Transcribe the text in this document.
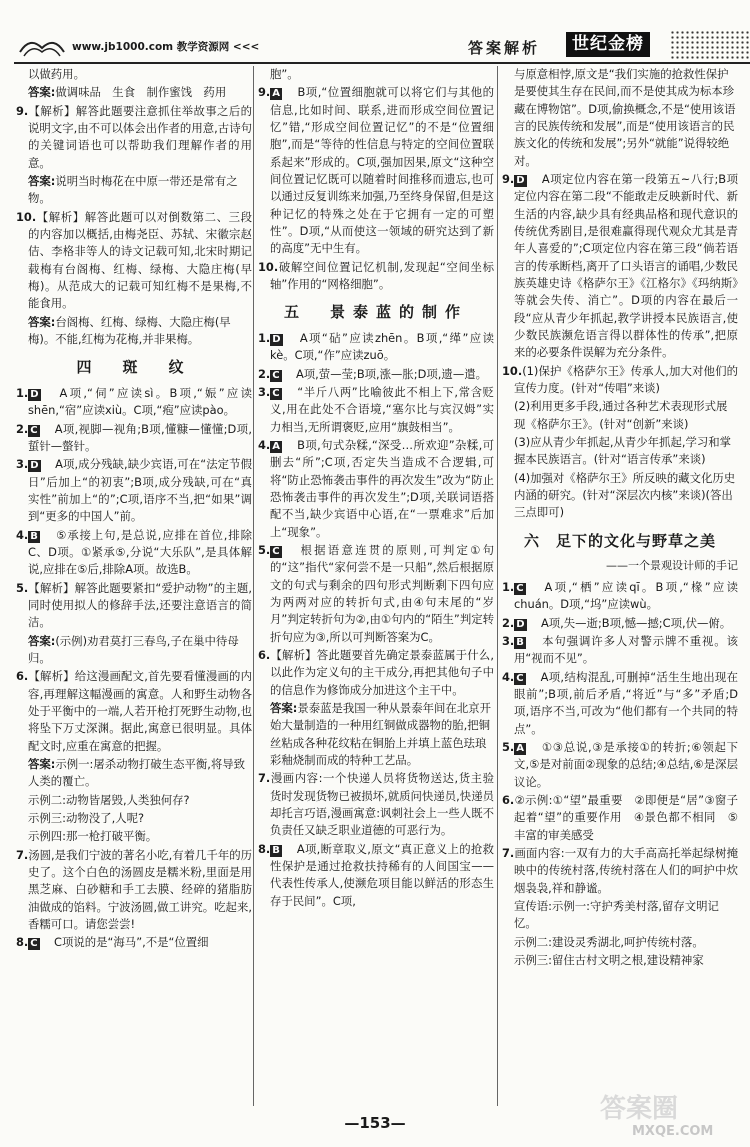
www.jb1000.com 教学资源网 <<<	答案解析	世纪金榜

以做药用。

答案:做调味品　生食　制作蜜饯　药用

9.【解析】解答此题要注意抓住举故事之后的说明文字,由不可以体会出作者的用意,古诗句的关键词语也可以帮助我们理解作者的用意。

答案:说明当时梅花在中原一带还是常有之物。

10.【解析】解答此题可以对倒数第二、三段的内容加以概括,由梅尧臣、苏轼、宋徽宗赵佶、李格非等人的诗文记载可知,北宋时期记载梅有台阁梅、红梅、绿梅、大隐庄梅(早梅)。从范成大的记载可知红梅不是果梅,不能食用。

答案:台阁梅、红梅、绿梅、大隐庄梅(早梅)。不能,红梅为花梅,并非果梅。

四　斑　纹

1. D　A项,“伺”应读sì。B项,“娠”应读shēn,“宿”应读xiù。C项,“疱”应读pào。

2. C　A项,视脚—视角;B项,懂糠—懂懂;D项,蜇针—螫针。

3. D　A项,成分残缺,缺少宾语,可在“法定节假日”后加上“的初衷”;B项,成分残缺,可在“真实性”前加上“的”;C项,语序不当,把“如果”调到“更多的中国人”前。

4. B　⑤承接上句,是总说,应排在首位,排除C、D项。①紧承⑤,分说“大乐队”,是具体解说,应排在⑤后,排除A项。故选B。

5.【解析】解答此题要紧扣“爱护动物”的主题,同时使用拟人的修辞手法,还要注意语言的简洁。

答案:(示例)劝君莫打三春鸟,子在巢中待母归。

6.【解析】给这漫画配文,首先要看懂漫画的内容,再理解这幅漫画的寓意。人和野生动物各处于平衡中的一端,人若开枪打死野生动物,也将坠下万丈深渊。据此,寓意已很明显。具体配文时,应重在寓意的把握。

答案:示例一:屠杀动物打破生态平衡,将导致人类的覆亡。

示例二:动物皆屠毁,人类独何存?

示例三:动物没了,人呢?

示例四:那一枪打破平衡。

7.汤圆,是我们宁波的著名小吃,有着几千年的历史了。这个白色的汤圆皮是糯米粉,里面是用黑芝麻、白砂糖和手工去膜、经碎的猪脂肪油做成的馅料。宁波汤圆,做工讲究。吃起来,香糯可口。请您尝尝!

8. C　C项说的是“海马”,不是“位置细

胞”。

9. A　B项,“位置细胞就可以将它们与其他的信息,比如时间、联系,进而形成空间位置记忆”错,“形成空间位置记忆”的不是“位置细胞”,而是“等待的性信息与特定的空间位置联系起来”形成的。C项,强加因果,原文“这种空间位置记忆既可以随着时间推移而遗忘,也可以通过反复训练来加强,乃至终身保留,但是这种记忆的特殊之处在于它拥有一定的可塑性”。D项,“从而使这一领域的研究达到了新的高度”无中生有。

10.破解空间位置记忆机制,发现起“空间坐标轴”作用的“网格细胞”。

五　景泰蓝的制作

1. D　A项“砧”应读zhēn。B项,“缂”应读kè。C项,“作”应读zuō。

2. C　A项,萤—莹;B项,涨—胀;D项,遗—遣。

3. C　“半斤八两”比喻彼此不相上下,常含贬义,用在此处不合语境,“塞尔比与宾汉姆”实力相当,无所谓褒贬,应用“旗鼓相当”。

4. A　B项,句式杂糅,“深受…所欢迎”杂糅,可删去“所”;C项,否定失当造成不合逻辑,可将“防止恐怖袭击事件的再次发生”改为“防止恐怖袭击事件的再次发生”;D项,关联词语搭配不当,缺少宾语中心语,在“一票难求”后加上“现象”。

5. C　根据语意连贯的原则,可判定①句的“这”指代“家何尝不是一只船”,然后根据原文的句式与剩余的四句形式判断剩下四句应为两两对应的转折句式,由④句末尾的“岁月”判定转折句为②,由①句内的“陌生”判定转折句应为③,所以可判断答案为C。

6.【解析】答此题要首先确定景泰蓝属于什么,以此作为定义句的主干成分,再把其他句子中的信息作为修饰成分加进这个主干中。

答案:景泰蓝是我国一种从景泰年间在北京开始大量制造的一种用红铜做成器物的胎,把铜丝粘成各种花纹粘在铜胎上并填上蓝色珐琅彩釉烧制而成的特种工艺品。

7.漫画内容:一个快递人员将货物送达,货主验货时发现货物已被损坏,就质问快递员,快递员却托言巧语,漫画寓意:讽刺社会上一些人既不负责任又缺乏职业道德的可恶行为。

8. B　A项,断章取义,原文“真正意义上的抢救性保护是通过抢救扶持稀有的人间国宝——代表性传承人,使濒危项目能以鲜活的形态生存于民间”。C项,

与原意相悖,原文是“我们实施的抢救性保护是要使其生存在民间,而不是使其成为标本珍藏在博物馆”。D项,偷换概念,不是“使用该语言的民族传统和发展”,而是“使用该语言的民族文化的传统和发展”;另外“就能”说得较绝对。

9. D　A项定位内容在第一段第五~八行;B项定位内容在第二段“不能敢走反映新时代、新生活的内容,缺少具有经典品格和现代意识的传统优秀剧目,是很难赢得现代观众尤其是青年人喜爱的”;C项定位内容在第三段“倘若语言的传承断档,离开了口头语言的诵唱,少数民族英雄史诗《格萨尔王》《江格尔》《玛纳斯》等就会失传、消亡”。D项的内容在最后一段“应从青少年抓起,教学讲授本民族语言,使少数民族濒危语言得以群体性的传承”,把原来的必要条件误解为充分条件。

10.(1)保护《格萨尔王》传承人,加大对他们的宣传力度。(针对“传唱”来谈)

(2)利用更多手段,通过各种艺术表现形式展现《格萨尔王》。(针对“创新”来谈)

(3)应从青少年抓起,从青少年抓起,学习和掌握本民族语言。(针对“语言传承”来谈)

(4)加强对《格萨尔王》所反映的藏文化历史内涵的研究。(针对“深层次内核”来谈)(答出三点即可)

六　足下的文化与野草之美
——一个景观设计师的手记

1. C　A项,“栖”应读qī。B项,“椽”应读chuán。D项,“坞”应读wù。

2. D　A项,失—逝;B项,憾—撼;C项,伏—俯。

3. B　本句强调许多人对警示牌不重视。该用“视而不见”。

4. C　A项,结构混乱,可删掉“活生生地出现在眼前”;B项,前后矛盾,“将近”与“多”矛盾;D项,语序不当,可改为“他们都有一个共同的特点”。

5. A　①③总说,③是承接①的转折;⑥领起下文,⑤是对前面②现象的总结;④总结,⑥是深层议论。

6.②示例:①“望”最重要　②即便是“居”③窗子起着“望”的重要作用　④景色都不相同　⑤丰富的审美感受

7.画面内容:一双有力的大手高高托举起绿树掩映中的传统村落,传统村落在人们的呵护中炊烟袅袅,祥和静谧。

宣传语:示例一:守护秀美村落,留存文明记忆。

示例二:建设灵秀湖北,呵护传统村落。

示例三:留住古村文明之根,建设精神家

—153—	答案圈
MXQE.COM
